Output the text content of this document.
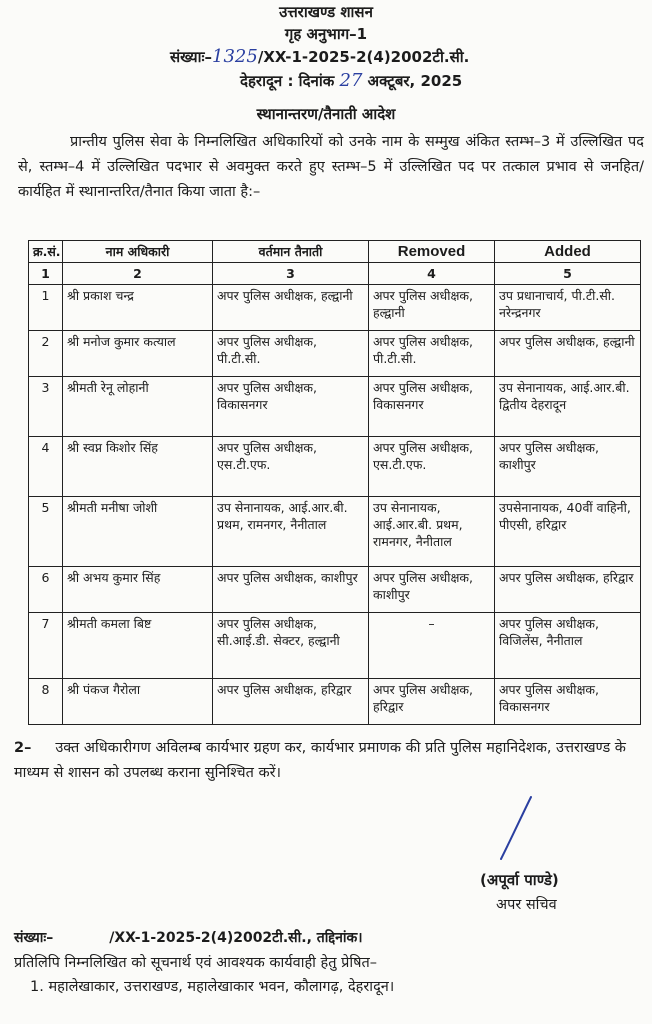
उत्तराखण्ड शासन
गृह अनुभाग–1
संख्याः–1325/XX-1-2025-2(4)2002टी.सी.
देहरादून : दिनांक 27 अक्टूबर, 2025
स्थानान्तरण/तैनाती आदेश
प्रान्तीय पुलिस सेवा के निम्नलिखित अधिकारियों को उनके नाम के सम्मुख अंकित स्तम्भ–3 में उल्लिखित पद से, स्तम्भ–4 में उल्लिखित पदभार से अवमुक्त करते हुए स्तम्भ–5 में उल्लिखित पद पर तत्काल प्रभाव से जनहित/कार्यहित में स्थानान्तरित/तैनात किया जाता है:–
क्र.सं.	नाम अधिकारी	वर्तमान तैनाती	Removed	Added
1	2	3	4	5
1	श्री प्रकाश चन्द्र	अपर पुलिस अधीक्षक, हल्द्वानी	अपर पुलिस अधीक्षक, हल्द्वानी	उप प्रधानाचार्य, पी.टी.सी. नरेन्द्रनगर
2	श्री मनोज कुमार कत्याल	अपर पुलिस अधीक्षक, पी.टी.सी.	अपर पुलिस अधीक्षक, पी.टी.सी.	अपर पुलिस अधीक्षक, हल्द्वानी
3	श्रीमती रेनू लोहानी	अपर पुलिस अधीक्षक, विकासनगर	अपर पुलिस अधीक्षक, विकासनगर	उप सेनानायक, आई.आर.बी. द्वितीय देहरादून
4	श्री स्वप्न किशोर सिंह	अपर पुलिस अधीक्षक, एस.टी.एफ.	अपर पुलिस अधीक्षक, एस.टी.एफ.	अपर पुलिस अधीक्षक, काशीपुर
5	श्रीमती मनीषा जोशी	उप सेनानायक, आई.आर.बी. प्रथम, रामनगर, नैनीताल	उप सेनानायक, आई.आर.बी. प्रथम, रामनगर, नैनीताल	उपसेनानायक, 40वीं वाहिनी, पीएसी, हरिद्वार
6	श्री अभय कुमार सिंह	अपर पुलिस अधीक्षक, काशीपुर	अपर पुलिस अधीक्षक, काशीपुर	अपर पुलिस अधीक्षक, हरिद्वार
7	श्रीमती कमला बिष्ट	अपर पुलिस अधीक्षक, सी.आई.डी. सेक्टर, हल्द्वानी	–	अपर पुलिस अधीक्षक, विजिलेंस, नैनीताल
8	श्री पंकज गैरोला	अपर पुलिस अधीक्षक, हरिद्वार	अपर पुलिस अधीक्षक, हरिद्वार	अपर पुलिस अधीक्षक, विकासनगर
2– उक्त अधिकारीगण अविलम्ब कार्यभार ग्रहण कर, कार्यभार प्रमाणक की प्रति पुलिस महानिदेशक, उत्तराखण्ड के माध्यम से शासन को उपलब्ध कराना सुनिश्चित करें।
(अपूर्वा पाण्डे)
अपर सचिव
संख्याः–	/XX-1-2025-2(4)2002टी.सी., तद्दिनांक।
प्रतिलिपि निम्नलिखित को सूचनार्थ एवं आवश्यक कार्यवाही हेतु प्रेषित–
1. महालेखाकार, उत्तराखण्ड, महालेखाकार भवन, कौलागढ़, देहरादून।
